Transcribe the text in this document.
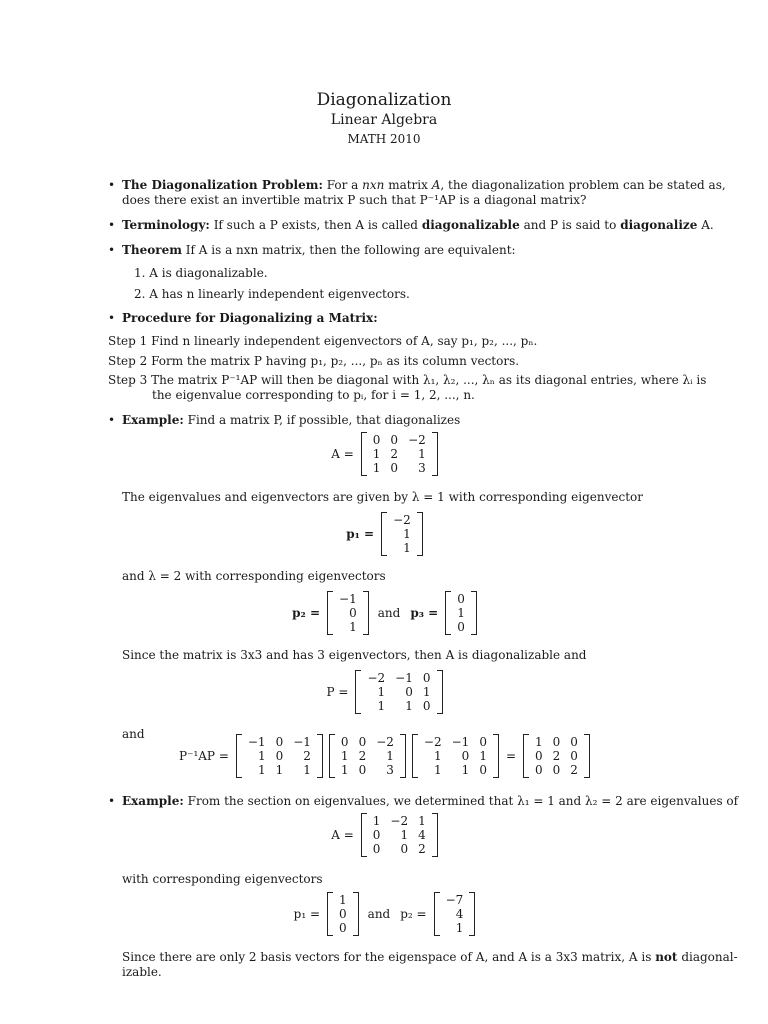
Diagonalization
Linear Algebra
MATH 2010
• The Diagonalization Problem: For a nxn matrix A, the diagonalization problem can be stated as,
does there exist an invertible matrix P such that P⁻¹AP is a diagonal matrix?
• Terminology: If such a P exists, then A is called diagonalizable and P is said to diagonalize A.
• Theorem If A is a nxn matrix, then the following are equivalent:
1. A is diagonalizable.
2. A has n linearly independent eigenvectors.
• Procedure for Diagonalizing a Matrix:
Step 1 Find n linearly independent eigenvectors of A, say p₁, p₂, ..., pₙ.
Step 2 Form the matrix P having p₁, p₂, ..., pₙ as its column vectors.
Step 3 The matrix P⁻¹AP will then be diagonal with λ₁, λ₂, ..., λₙ as its diagonal entries, where λᵢ is
the eigenvalue corresponding to pᵢ, for i = 1, 2, ..., n.
• Example: Find a matrix P, if possible, that diagonalizes
A =
0	0	−2
1	2	1
1	0	3
The eigenvalues and eigenvectors are given by λ = 1 with corresponding eigenvector
p₁ =
−2
1
1
and λ = 2 with corresponding eigenvectors
p₂ =
−1
0
1
and p₃ =
0
1
0
Since the matrix is 3x3 and has 3 eigenvectors, then A is diagonalizable and
P =
−2	−1	0
1	0	1
1	1	0
and
P⁻¹AP =
−1	0	−1
1	0	2
1	1	1
0	0	−2
1	2	1
1	0	3
−2	−1	0
1	0	1
1	1	0
=
1	0	0
0	2	0
0	0	2
• Example: From the section on eigenvalues, we determined that λ₁ = 1 and λ₂ = 2 are eigenvalues of
A =
1	−2	1
0	1	4
0	0	2
with corresponding eigenvectors
p₁ =
1
0
0
and p₂ =
−7
4
1
Since there are only 2 basis vectors for the eigenspace of A, and A is a 3x3 matrix, A is not diagonal-
izable.
